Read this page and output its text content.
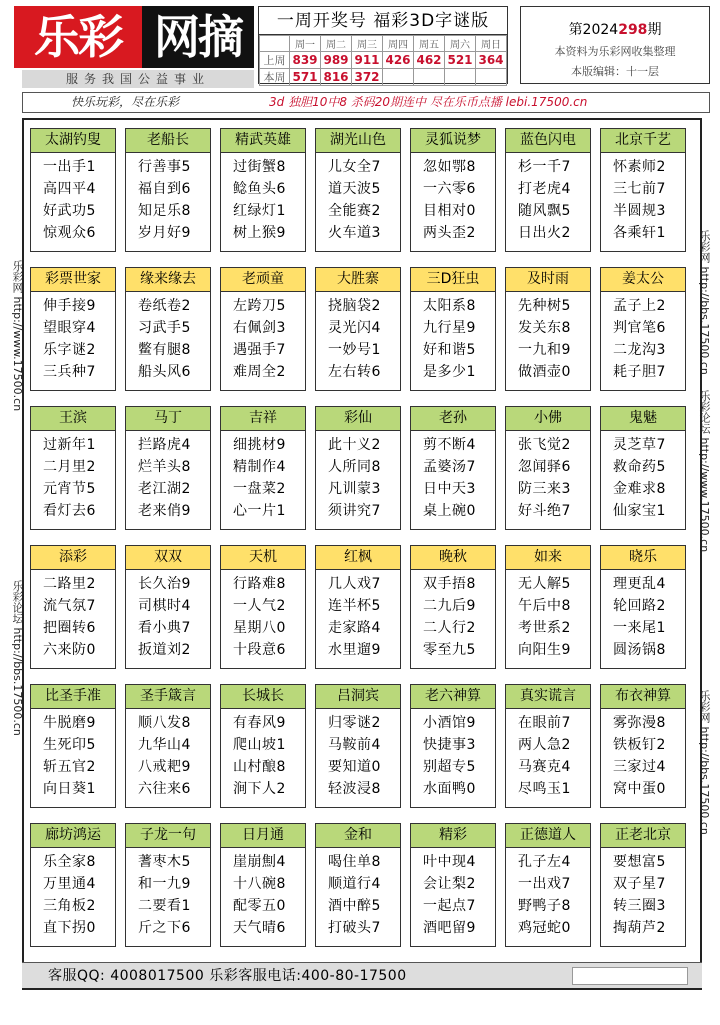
乐彩 网摘
服务我国公益事业
一周开奖号 福彩3D字谜版
	周一	周二	周三	周四	周五	周六	周日
上周	839	989	911	426	462	521	364
本周	571	816	372				
第2024298期
本资料为乐彩网收集整理
本版编辑：十一层
快乐玩彩，尽在乐彩	3d 独胆10中8 杀码20期连中 尽在乐币点播 lebi.17500.cn
乐彩网 http://www.17500.cn
乐彩论坛 http://bbs.17500.cn
乐彩网 http://bbs.17500.cn
乐彩论坛 http://www.17500.cn
乐彩网 http://bbs.17500.cn
太湖钓叟
一出手1
高四平4
好武功5
惊观众6
老船长
行善事5
福自到6
知足乐8
岁月好9
精武英雄
过街蟹8
鲶鱼头6
红绿灯1
树上猴9
湖光山色
儿女全7
道天波5
全能赛2
火车道3
灵狐说梦
忽如鄂8
一六零6
目相对0
两头歪2
蓝色闪电
杉一千7
打老虎4
随风飘5
日出火2
北京千艺
怀素师2
三七前7
半圆规3
各乘轩1
彩票世家
伸手接9
望眼穿4
乐字谜2
三兵种7
缘来缘去
卷纸卷2
习武手5
鳖有腿8
船头风6
老顽童
左跨刀5
右佩剑3
遇强手7
难周全2
大胜寨
挠脑袋2
灵光闪4
一妙号1
左右转6
三D狂虫
太阳系8
九行星9
好和谐5
是多少1
及时雨
先种树5
发关东8
一九和9
做酒壶0
姜太公
孟子上2
判官笔6
二龙沟3
耗子胆7
王滨
过新年1
二月里2
元宵节5
看灯去6
马丁
拦路虎4
烂羊头8
老江湖2
老来俏9
吉祥
细挑材9
精制作4
一盘菜2
心一片1
彩仙
此十义2
人所同8
凡训蒙3
须讲究7
老孙
剪不断4
孟婆汤7
日中天3
桌上碗0
小佛
张飞觉2
忽闻驿6
防三来3
好斗绝7
鬼魅
灵芝草7
救命药5
金难求8
仙家宝1
添彩
二路里2
流气氛7
把圈转6
六来防0
双双
长久治9
司棋时4
看小典7
扳道刘2
天机
行路难8
一人气2
星期八0
十段意6
红枫
几人戏7
连半杯5
走家路4
水里遛9
晚秋
双手捂8
二九后9
二人行2
零至九5
如来
无人解5
午后中8
考世系2
向阳生9
晓乐
理更乱4
轮回路2
一来尾1
圆汤锅8
比圣手准
牛脱磨9
生死印5
斩五官2
向日葵1
圣手箴言
顺八发8
九华山4
八戒耙9
六往来6
长城长
有春风9
爬山坡1
山村酿8
涧下人2
吕洞宾
归零谜2
马鞍前4
要知道0
轻波浸8
老六神算
小酒馆9
快捷事3
别超专5
水面鸭0
真实谎言
在眼前7
两人急2
马赛克4
尽鸣玉1
布衣神算
雾弥漫8
铁板钉2
三家过4
窝中蛋0
廊坊鸿运
乐全家8
万里通4
三角板2
直下拐0
子龙一句
蓍枣木5
和一九9
二要看1
斤之下6
日月通
崖崩劁4
十八碗8
配零五0
天气晴6
金和
喝住单8
顺道行4
酒中醉5
打破头7
精彩
叶中现4
会让梨2
一起点7
酒吧留9
正德道人
孔子左4
一出戏7
野鸭子8
鸡冠蛇0
正老北京
要想富5
双子星7
转三圈3
掏葫芦2
客服QQ: 4008017500 乐彩客服电话:400-80-17500
